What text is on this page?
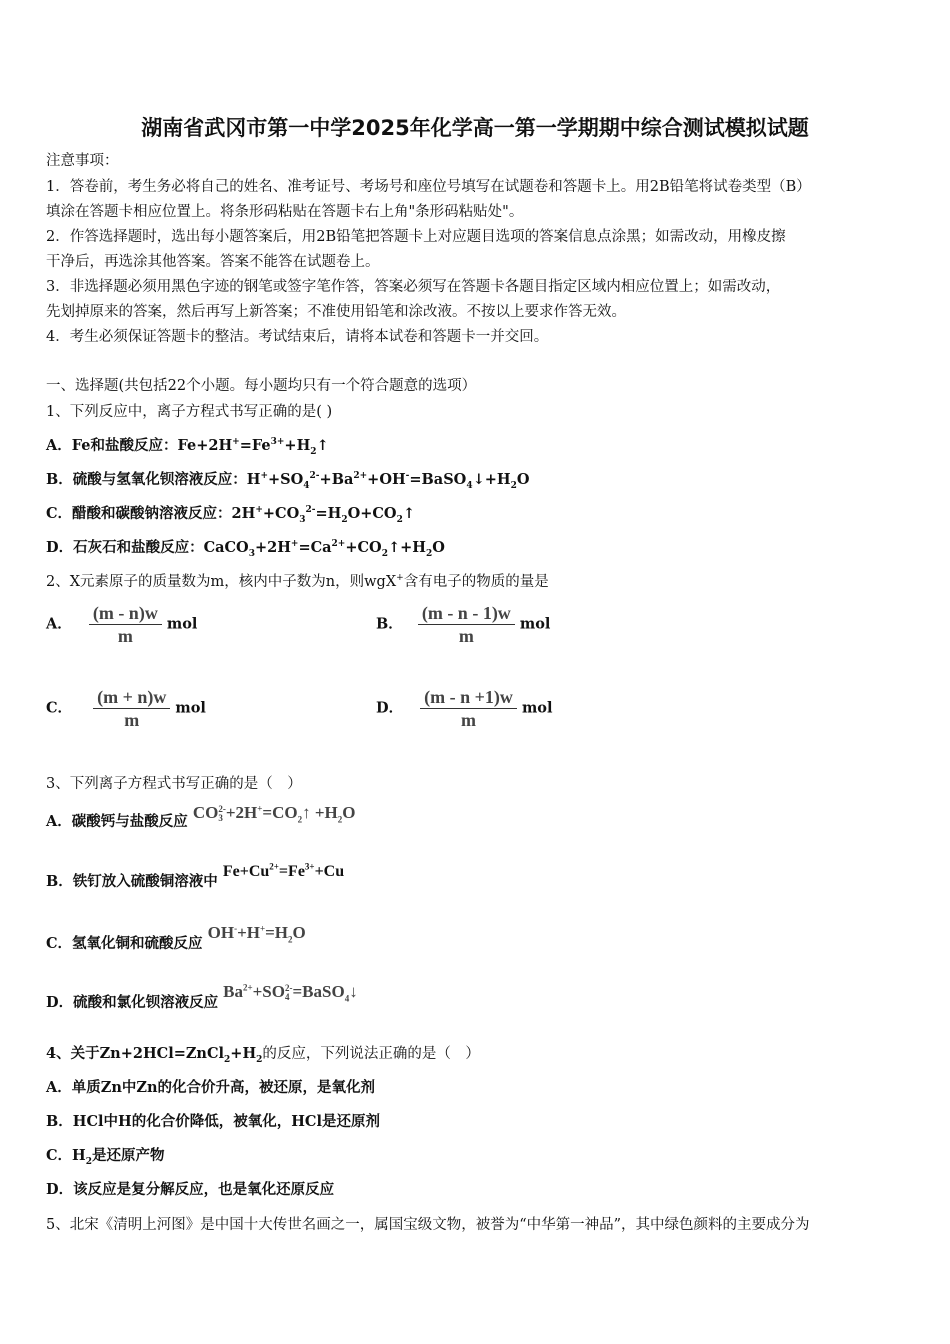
湖南省武冈市第一中学2025年化学高一第一学期期中综合测试模拟试题
注意事项：
1．答卷前，考生务必将自己的姓名、准考证号、考场号和座位号填写在试题卷和答题卡上。用2B铅笔将试卷类型（B）
填涂在答题卡相应位置上。将条形码粘贴在答题卡右上角"条形码粘贴处"。
2．作答选择题时，选出每小题答案后，用2B铅笔把答题卡上对应题目选项的答案信息点涂黑；如需改动，用橡皮擦
干净后，再选涂其他答案。答案不能答在试题卷上。
3．非选择题必须用黑色字迹的钢笔或签字笔作答，答案必须写在答题卡各题目指定区域内相应位置上；如需改动，
先划掉原来的答案，然后再写上新答案；不准使用铅笔和涂改液。不按以上要求作答无效。
4．考生必须保证答题卡的整洁。考试结束后，请将本试卷和答题卡一并交回。
一、选择题(共包括22个小题。每小题均只有一个符合题意的选项）
1、下列反应中，离子方程式书写正确的是( )
A．Fe和盐酸反应：$Fe+2H^+=Fe^{3+}+H_2↑$
B．硫酸与氢氧化钡溶液反应：$H^++SO_4^{2-}+Ba^{2+}+OH^-=BaSO_4↓+H_2O$
C．醋酸和碳酸钠溶液反应：$2H^++CO_3^{2-}=H_2O+CO_2↑$
D．石灰石和盐酸反应：$CaCO_3+2H^+=Ca^{2+}+CO_2↑+H_2O$
2、X元素原子的质量数为m，核内中子数为n，则wgX+含有电子的物质的量是
A． $\frac{(m - n)w}{m}$ mol	B． $\frac{(m - n - 1)w}{m}$ mol
C． $\frac{(m + n)w}{m}$ mol	D． $\frac{(m - n +1)w}{m}$ mol
3、下列离子方程式书写正确的是（　）
A．碳酸钙与盐酸反应 CO 2-
$3 +2H^+=CO_2↑ +H_2O$
B．铁钉放入硫酸铜溶液中 $Fe+Cu^{2+}=Fe^{3+}+Cu$
C．氢氧化铜和硫酸反应 $OH^-+H^+=H_2O$
D．硫酸和氯化钡溶液反应 $Ba^{2+}+SO$ 2-
4 =BaSO$_4$↓
4、关于$Zn+2HCl=ZnCl_2+H_2$的反应，下列说法正确的是（　）
A．单质Zn中Zn的化合价升高，被还原，是氧化剂
B．HCl中H的化合价降低，被氧化，HCl是还原剂
C．$H_2$是还原产物
D．该反应是复分解反应，也是氧化还原反应
5、北宋《清明上河图》是中国十大传世名画之一，属国宝级文物，被誉为“中华第一神品”，其中绿色颜料的主要成分为
